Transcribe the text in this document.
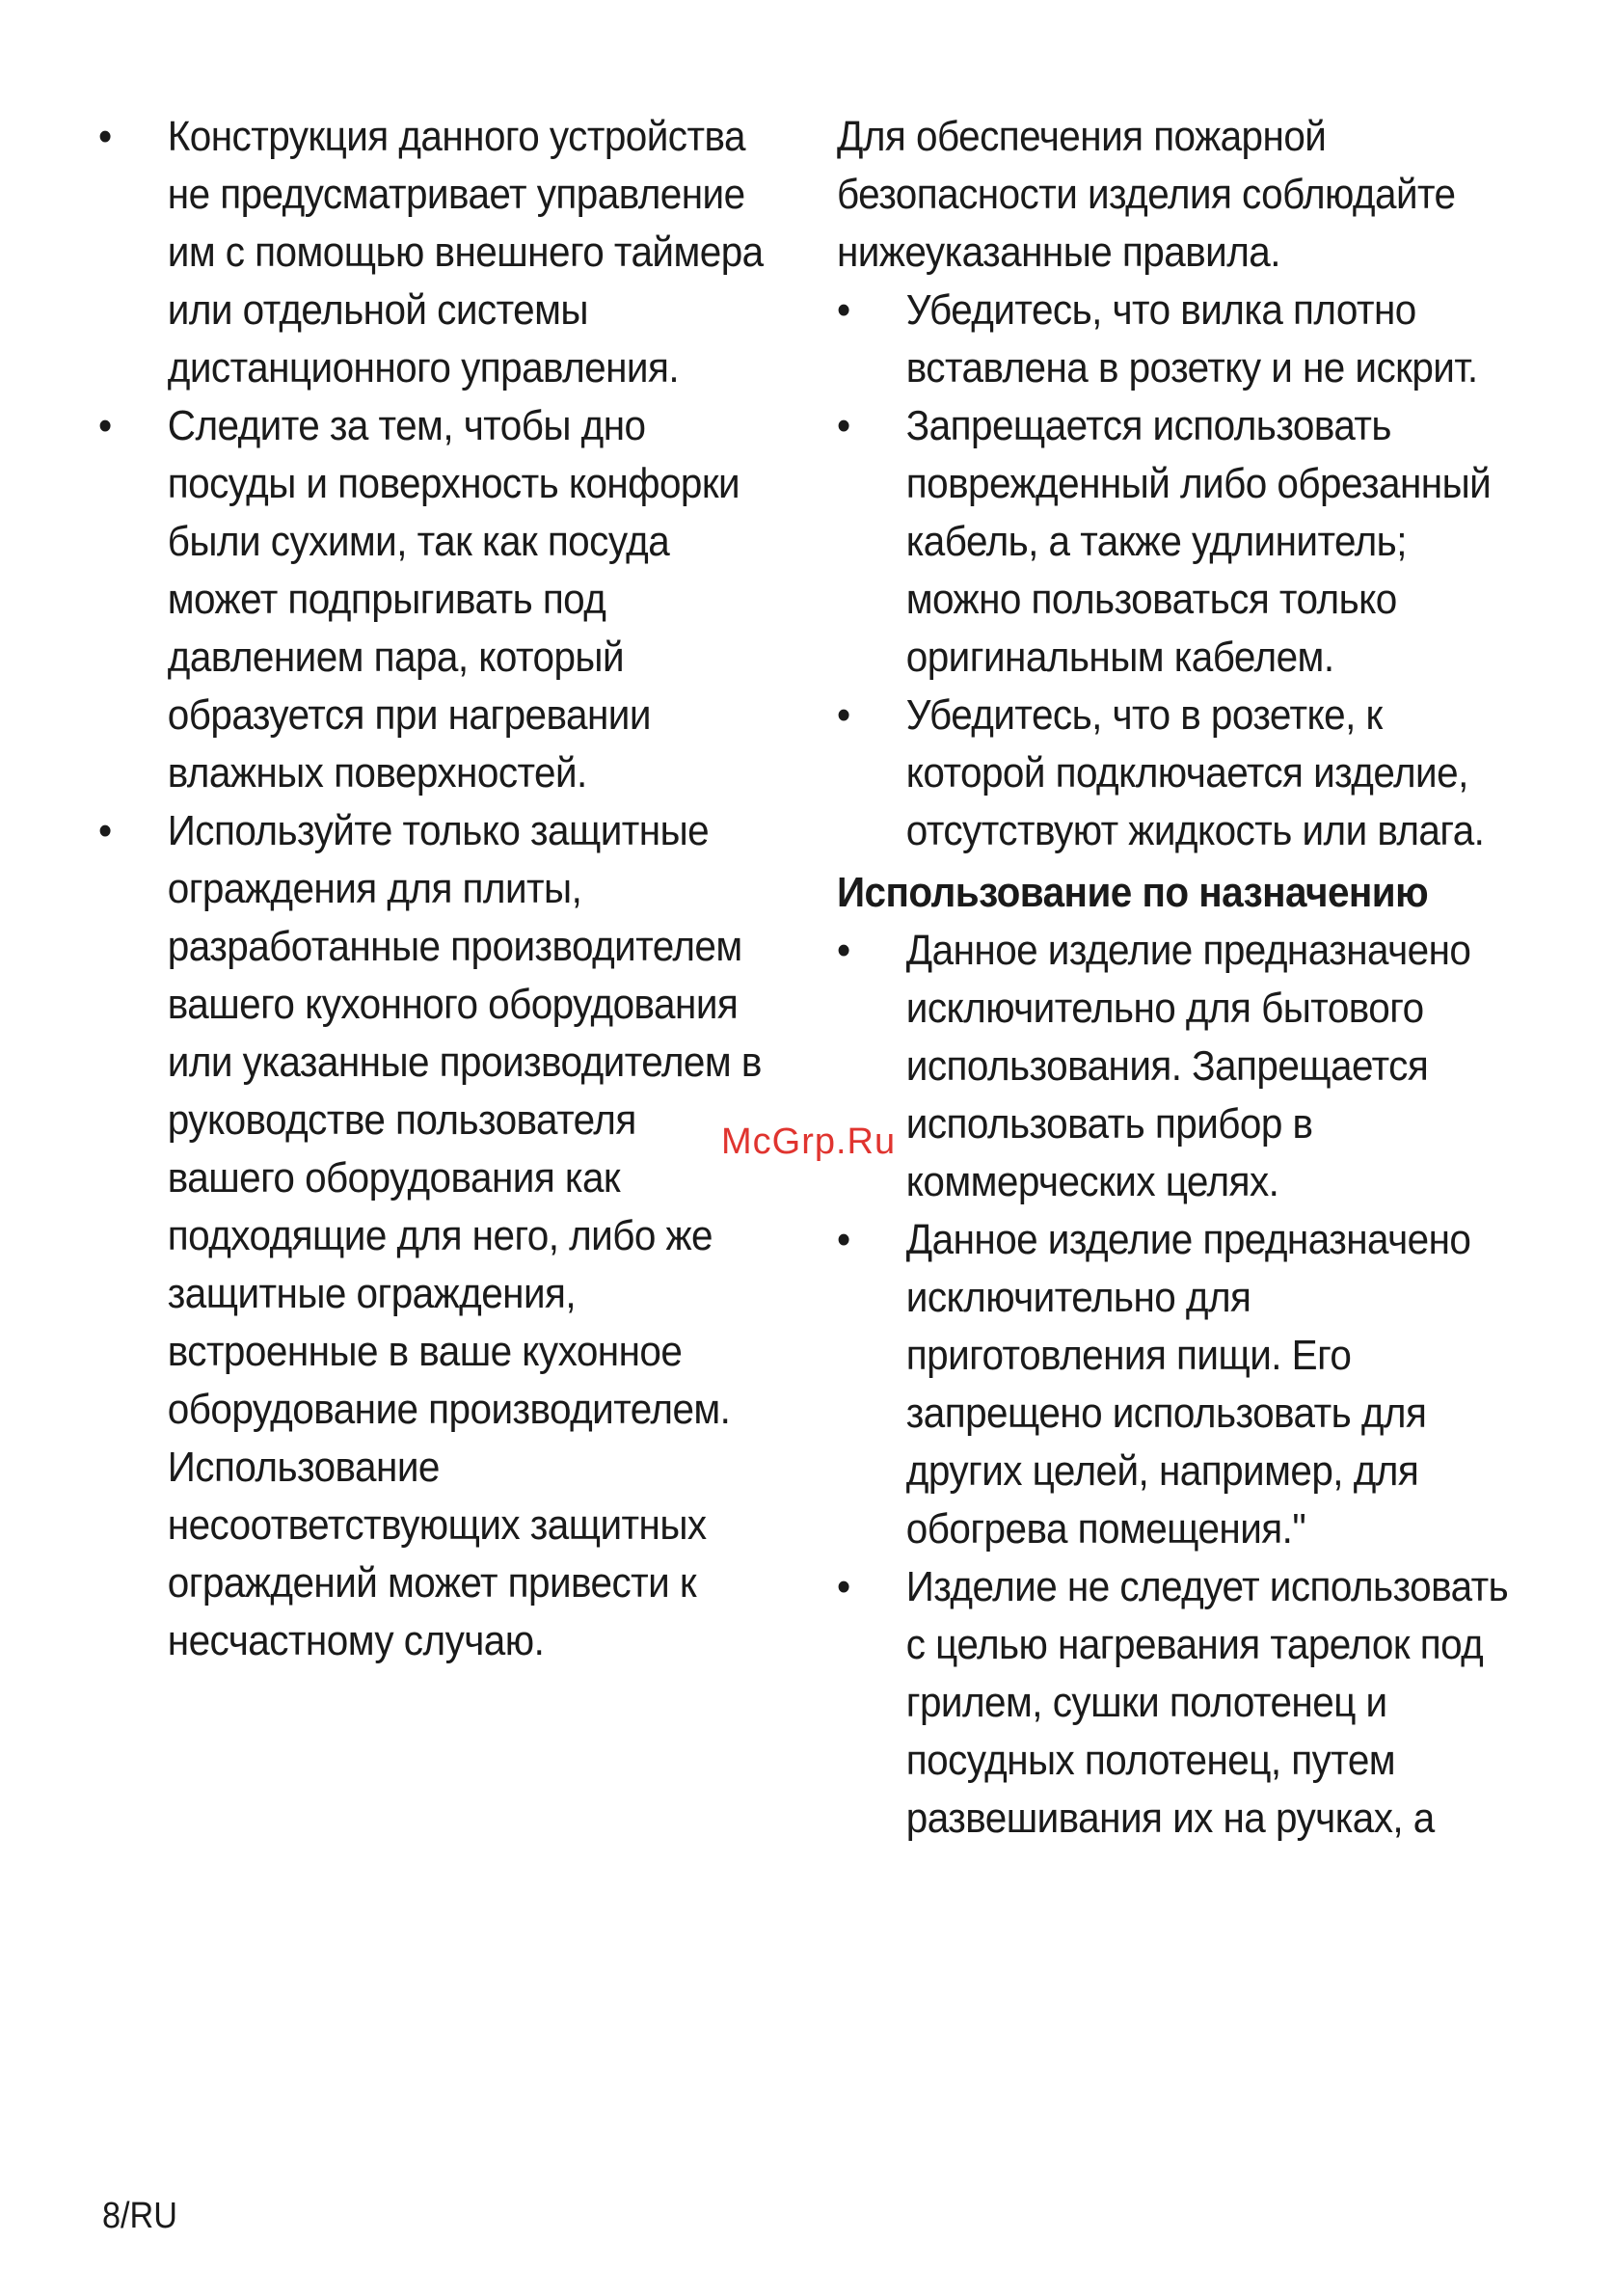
•	Конструкция данного устройства не предусматривает управление им с помощью внешнего таймера или отдельной системы дистанционного управления.
•	Следите за тем, чтобы дно посуды и поверхность конфорки были сухими, так как посуда может подпрыгивать под давлением пара, который образуется при нагревании влажных поверхностей.
•	Используйте только защитные ограждения для плиты, разработанные производителем вашего кухонного оборудования или указанные производителем в руководстве пользователя вашего оборудования как подходящие для него, либо же защитные ограждения, встроенные в ваше кухонное оборудование производителем. Использование несоответствующих защитных ограждений может привести к несчастному случаю.

Для обеспечения пожарной безопасности изделия соблюдайте нижеуказанные правила.

•	Убедитесь, что вилка плотно вставлена в розетку и не искрит.
•	Запрещается использовать поврежденный либо обрезанный кабель, а также удлинитель; можно пользоваться только оригинальным кабелем.
•	Убедитесь, что в розетке, к которой подключается изделие, отсутствуют жидкость или влага.
Использование по назначению
•	Данное изделие предназначено исключительно для бытового использования. Запрещается использовать прибор в коммерческих целях.
•	Данное изделие предназначено исключительно для приготовления пищи. Его запрещено использовать для других целей, например, для обогрева помещения."
•	Изделие не следует использовать с целью нагревания тарелок под грилем, сушки полотенец и посудных полотенец, путем развешивания их на ручках, а
McGrp.Ru
8/RU
